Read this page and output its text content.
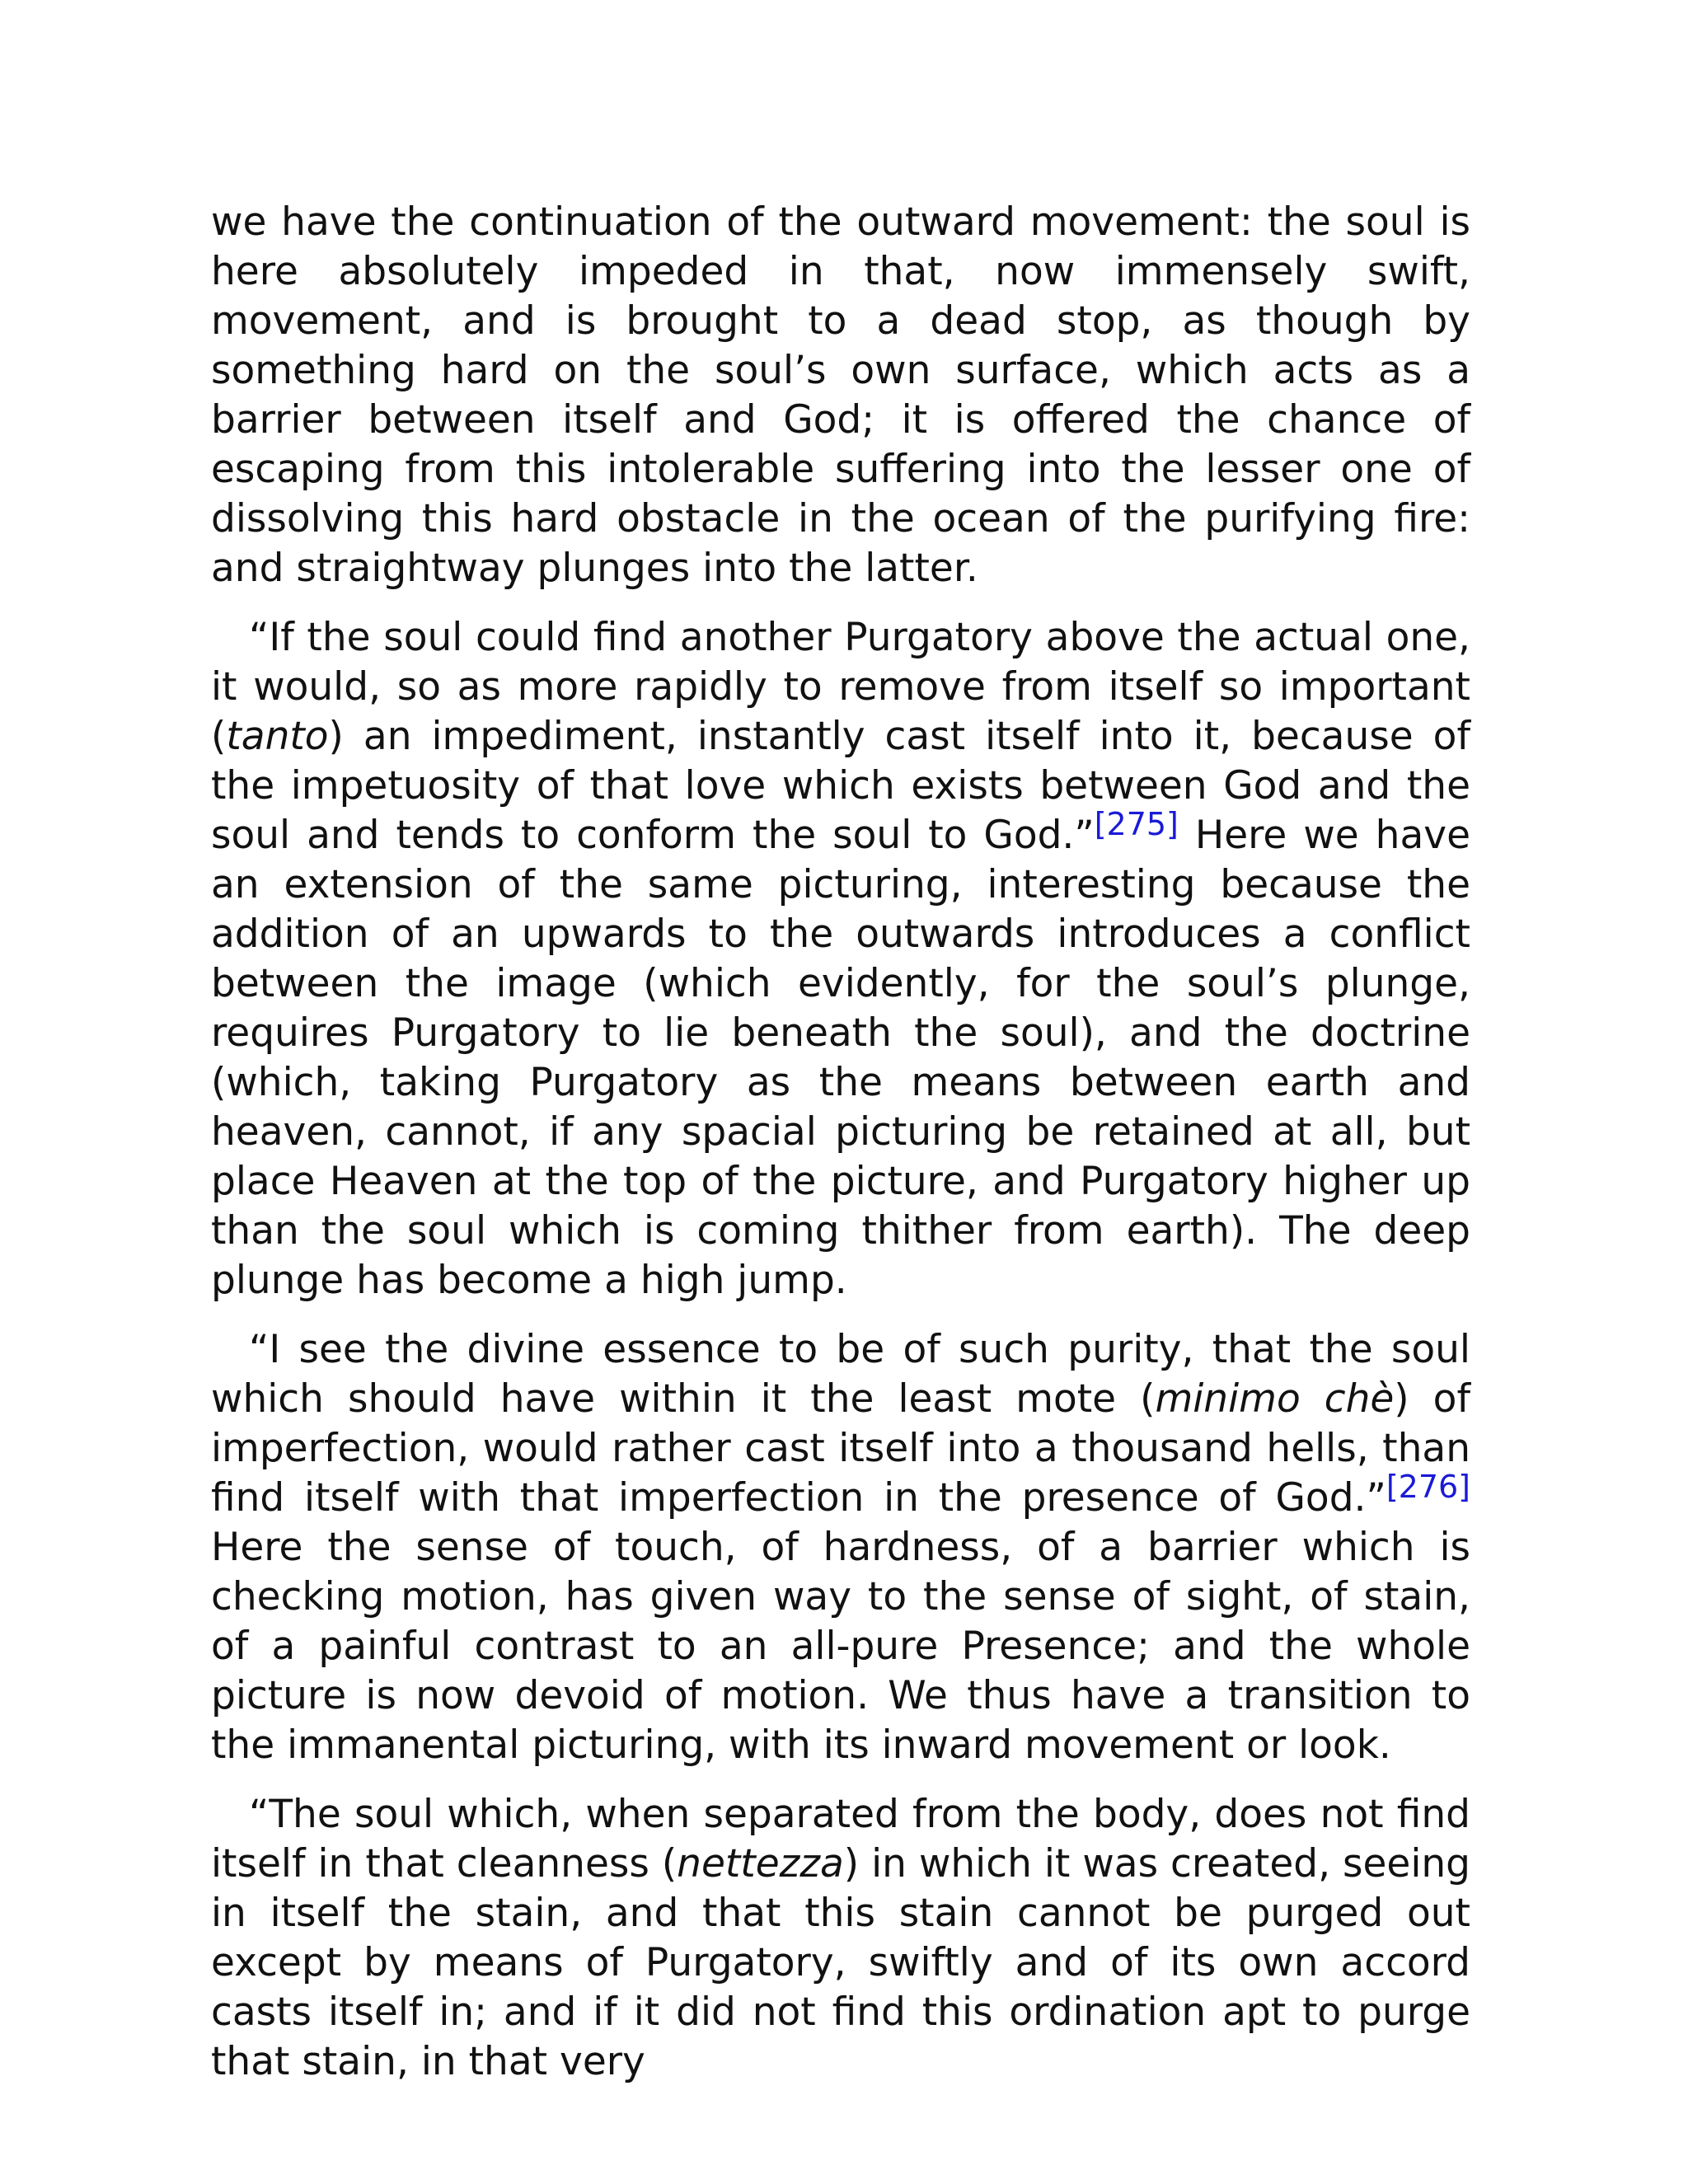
we have the continuation of the outward movement: the soul is here absolutely impeded in that, now immensely swift, movement, and is brought to a dead stop, as though by something hard on the soul’s own surface, which acts as a barrier between itself and God; it is offered the chance of escaping from this intolerable suffering into the lesser one of dissolving this hard obstacle in the ocean of the purifying fire: and straightway plunges into the latter.

“If the soul could find another Purgatory above the actual one, it would, so as more rapidly to remove from itself so important (tanto) an impediment, instantly cast itself into it, because of the impetuosity of that love which exists between God and the soul and tends to conform the soul to God.”[275] Here we have an extension of the same picturing, interesting because the addition of an upwards to the outwards introduces a conflict between the image (which evidently, for the soul’s plunge, requires Purgatory to lie beneath the soul), and the doctrine (which, taking Purgatory as the means between earth and heaven, cannot, if any spacial picturing be retained at all, but place Heaven at the top of the picture, and Purgatory higher up than the soul which is coming thither from earth). The deep plunge has become a high jump.

“I see the divine essence to be of such purity, that the soul which should have within it the least mote (minimo chè) of imperfection, would rather cast itself into a thousand hells, than find itself with that imperfection in the presence of God.”[276] Here the sense of touch, of hardness, of a barrier which is checking motion, has given way to the sense of sight, of stain, of a painful contrast to an all-pure Presence; and the whole picture is now devoid of motion. We thus have a transition to the immanental picturing, with its inward movement or look.

“The soul which, when separated from the body, does not find itself in that cleanness (nettezza) in which it was created, seeing in itself the stain, and that this stain cannot be purged out except by means of Purgatory, swiftly and of its own accord casts itself in; and if it did not find this ordination apt to purge that stain, in that very
